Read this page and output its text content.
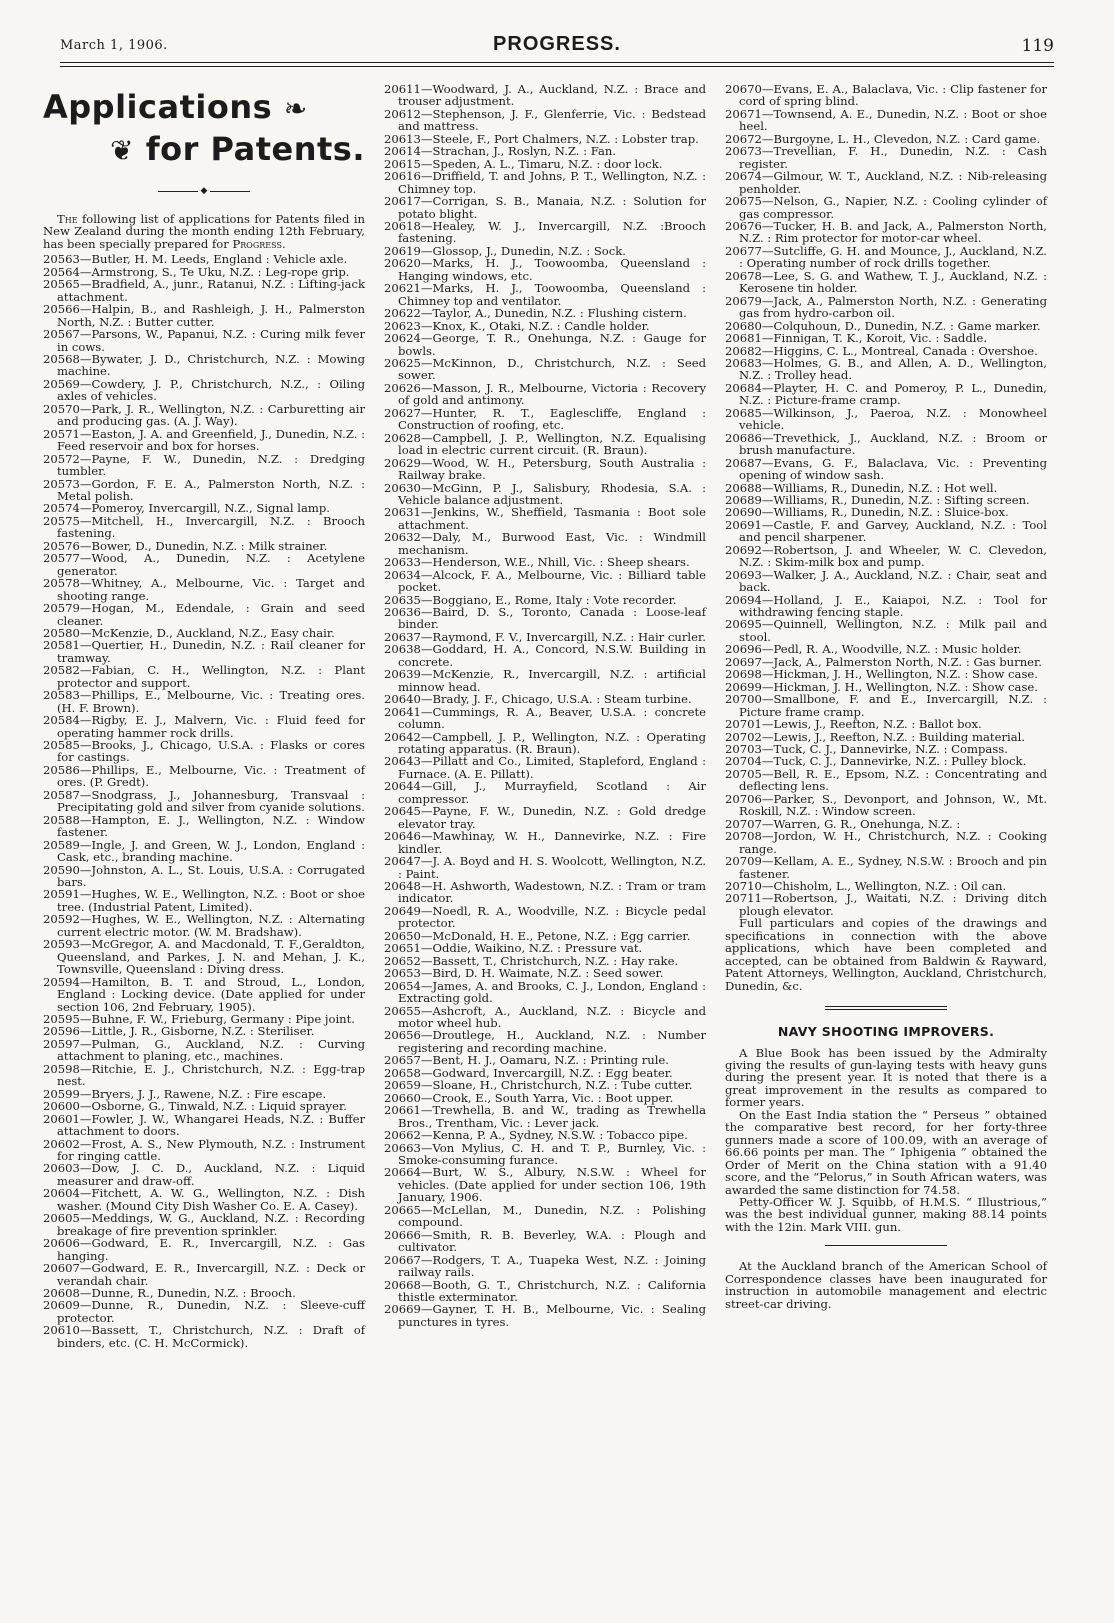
March 1, 1906.	PROGRESS.	119
Applications ❧
❦ for Patents.
◆

The following list of applications for Patents filed in New Zealand during the month ending 12th February, has been specially prepared for Progress.

20563—Butler, H. M. Leeds, England : Vehicle axle.

20564—Armstrong, S., Te Uku, N.Z. : Leg-rope grip.

20565—Bradfield, A., junr., Ratanui, N.Z. : Lifting-jack attachment.

20566—Halpin, B., and Rashleigh, J. H., Palmerston North, N.Z. : Butter cutter.

20567—Parsons, W., Papanui, N.Z. : Curing milk fever in cows.

20568—Bywater, J. D., Christchurch, N.Z. : Mowing machine.

20569—Cowdery, J. P., Christchurch, N.Z., : Oiling axles of vehicles.

20570—Park, J. R., Wellington, N.Z. : Carburetting air and producing gas. (A. J. Way).

20571—Easton, J. A. and Greenfield, J., Dunedin, N.Z. : Feed reservoir and box for horses.

20572—Payne, F. W., Dunedin, N.Z. : Dredging tumbler.

20573—Gordon, F. E. A., Palmerston North, N.Z. : Metal polish.

20574—Pomeroy, Invercargill, N.Z., Signal lamp.

20575—Mitchell, H., Invercargill, N.Z. : Brooch fastening.

20576—Bower, D., Dunedin, N.Z. : Milk strainer.

20577—Wood, A., Dunedin, N.Z. : Acetylene generator.

20578—Whitney, A., Melbourne, Vic. : Target and shooting range.

20579—Hogan, M., Edendale, : Grain and seed cleaner.

20580—McKenzie, D., Auckland, N.Z., Easy chair.

20581—Quertier, H., Dunedin, N.Z. : Rail cleaner for tramway.

20582—Fabian, C. H., Wellington, N.Z. : Plant protector and support.

20583—Phillips, E., Melbourne, Vic. : Treating ores. (H. F. Brown).

20584—Rigby, E. J., Malvern, Vic. : Fluid feed for operating hammer rock drills.

20585—Brooks, J., Chicago, U.S.A. : Flasks or cores for castings.

20586—Phillips, E., Melbourne, Vic. : Treatment of ores. (P. Gredt).

20587—Snodgrass, J., Johannesburg, Transvaal : Precipitating gold and silver from cyanide solutions.

20588—Hampton, E. J., Wellington, N.Z. : Window fastener.

20589—Ingle, J. and Green, W. J., London, England : Cask, etc., branding machine.

20590—Johnston, A. L., St. Louis, U.S.A. : Corrugated bars.

20591—Hughes, W. E., Wellington, N.Z. : Boot or shoe tree. (Industrial Patent, Limited).

20592—Hughes, W. E., Wellington, N.Z. : Alternating current electric motor. (W. M. Bradshaw).

20593—McGregor, A. and Macdonald, T. F.,Geraldton, Queensland, and Parkes, J. N. and Mehan, J. K., Townsville, Queensland : Diving dress.

20594—Hamilton, B. T. and Stroud, L., London, England : Locking device. (Date applied for under section 106, 2nd February, 1905).

20595—Buhne, F. W., Frieburg, Germany : Pipe joint.

20596—Little, J. R., Gisborne, N.Z. : Steriliser.

20597—Pulman, G., Auckland, N.Z. : Curving attachment to planing, etc., machines.

20598—Ritchie, E. J., Christchurch, N.Z. : Egg-trap nest.

20599—Bryers, J. J., Rawene, N.Z. : Fire escape.

20600—Osborne, G., Tinwald, N.Z. : Liquid sprayer.

20601—Fowler, J. W., Whangarei Heads, N.Z. : Buffer attachment to doors.

20602—Frost, A. S., New Plymouth, N.Z. : Instrument for ringing cattle.

20603—Dow, J. C. D., Auckland, N.Z. : Liquid measurer and draw-off.

20604—Fitchett, A. W. G., Wellington, N.Z. : Dish washer. (Mound City Dish Washer Co. E. A. Casey).

20605—Meddings, W. G., Auckland, N.Z. : Recording breakage of fire prevention sprinkler.

20606—Godward, E. R., Invercargill, N.Z. : Gas hanging.

20607—Godward, E. R., Invercargill, N.Z. : Deck or verandah chair.

20608—Dunne, R., Dunedin, N.Z. : Brooch.

20609—Dunne, R., Dunedin, N.Z. : Sleeve-cuff protector.

20610—Bassett, T., Christchurch, N.Z. : Draft of binders, etc. (C. H. McCormick).

20611—Woodward, J. A., Auckland, N.Z. : Brace and trouser adjustment.

20612—Stephenson, J. F., Glenferrie, Vic. : Bedstead and mattress.

20613—Steele, F., Port Chalmers, N.Z. : Lobster trap.

20614—Strachan, J., Roslyn, N.Z. : Fan.

20615—Speden, A. L., Timaru, N.Z. : door lock.

20616—Driffield, T. and Johns, P. T., Wellington, N.Z. : Chimney top.

20617—Corrigan, S. B., Manaia, N.Z. : Solution for potato blight.

20618—Healey, W. J., Invercargill, N.Z. :Brooch fastening.

20619—Glossop, J., Dunedin, N.Z. : Sock.

20620—Marks, H. J., Toowoomba, Queensland : Hanging windows, etc.

20621—Marks, H. J., Toowoomba, Queensland : Chimney top and ventilator.

20622—Taylor, A., Dunedin, N.Z. : Flushing cistern.

20623—Knox, K., Otaki, N.Z. : Candle holder.

20624—George, T. R., Onehunga, N.Z. : Gauge for bowls.

20625—McKinnon, D., Christchurch, N.Z. : Seed sower.

20626—Masson, J. R., Melbourne, Victoria : Recovery of gold and antimony.

20627—Hunter, R. T., Eaglescliffe, England : Construction of roofing, etc.

20628—Campbell, J. P., Wellington, N.Z. Equalising load in electric current circuit. (R. Braun).

20629—Wood, W. H., Petersburg, South Australia : Railway brake.

20630—McGinn, P. J., Salisbury, Rhodesia, S.A. : Vehicle balance adjustment.

20631—Jenkins, W., Sheffield, Tasmania : Boot sole attachment.

20632—Daly, M., Burwood East, Vic. : Windmill mechanism.

20633—Henderson, W.E., Nhill, Vic. : Sheep shears.

20634—Alcock, F. A., Melbourne, Vic. : Billiard table pocket.

20635—Boggiano, E., Rome, Italy : Vote recorder.

20636—Baird, D. S., Toronto, Canada : Loose-leaf binder.

20637—Raymond, F. V., Invercargill, N.Z. : Hair curler.

20638—Goddard, H. A., Concord, N.S.W. Building in concrete.

20639—McKenzie, R., Invercargill, N.Z. : artificial minnow head.

20640—Brady, J. F., Chicago, U.S.A. : Steam turbine.

20641—Cummings, R. A., Beaver, U.S.A. : concrete column.

20642—Campbell, J. P., Wellington, N.Z. : Operating rotating apparatus. (R. Braun).

20643—Pillatt and Co., Limited, Stapleford, England : Furnace. (A. E. Pillatt).

20644—Gill, J., Murrayfield, Scotland : Air compressor.

20645—Payne, F. W., Dunedin, N.Z. : Gold dredge elevator tray.

20646—Mawhinay, W. H., Dannevirke, N.Z. : Fire kindler.

20647—J. A. Boyd and H. S. Woolcott, Wellington, N.Z. : Paint.

20648—H. Ashworth, Wadestown, N.Z. : Tram or tram indicator.

20649—Noedl, R. A., Woodville, N.Z. : Bicycle pedal protector.

20650—McDonald, H. E., Petone, N.Z. : Egg carrier.

20651—Oddie, Waikino, N.Z. : Pressure vat.

20652—Bassett, T., Christchurch, N.Z. : Hay rake.

20653—Bird, D. H. Waimate, N.Z. : Seed sower.

20654—James, A. and Brooks, C. J., London, England : Extracting gold.

20655—Ashcroft, A., Auckland, N.Z. : Bicycle and motor wheel hub.

20656—Droutlege, H., Auckland, N.Z. : Number registering and recording machine.

20657—Bent, H. J., Oamaru, N.Z. : Printing rule.

20658—Godward, Invercargill, N.Z. : Egg beater.

20659—Sloane, H., Christchurch, N.Z. : Tube cutter.

20660—Crook, E., South Yarra, Vic. : Boot upper.

20661—Trewhella, B. and W., trading as Trewhella Bros., Trentham, Vic. : Lever jack.

20662—Kenna, P. A., Sydney, N.S.W. : Tobacco pipe.

20663—Von Mylius, C. H. and T. P., Burnley, Vic. : Smoke-consuming furance.

20664—Burt, W. S., Albury, N.S.W. : Wheel for vehicles. (Date applied for under section 106, 19th January, 1906.

20665—McLellan, M., Dunedin, N.Z. : Polishing compound.

20666—Smith, R. B. Beverley, W.A. : Plough and cultivator.

20667—Rodgers, T. A., Tuapeka West, N.Z. : Joining railway rails.

20668—Booth, G. T., Christchurch, N.Z. : California thistle exterminator.

20669—Gayner, T. H. B., Melbourne, Vic. : Sealing punctures in tyres.

20670—Evans, E. A., Balaclava, Vic. : Clip fastener for cord of spring blind.

20671—Townsend, A. E., Dunedin, N.Z. : Boot or shoe heel.

20672—Burgoyne, L. H., Clevedon, N.Z. : Card game.

20673—Trevellian, F. H., Dunedin, N.Z. : Cash register.

20674—Gilmour, W. T., Auckland, N.Z. : Nib-releasing penholder.

20675—Nelson, G., Napier, N.Z. : Cooling cylinder of gas compressor.

20676—Tucker, H. B. and Jack, A., Palmerston North, N.Z. : Rim protector for motor-car wheel.

20677—Sutcliffe, G. H. and Mounce, J., Auckland, N.Z. : Operating number of rock drills together.

20678—Lee, S. G. and Wathew, T. J., Auckland, N.Z. : Kerosene tin holder.

20679—Jack, A., Palmerston North, N.Z. : Generating gas from hydro-carbon oil.

20680—Colquhoun, D., Dunedin, N.Z. : Game marker.

20681—Finnigan, T. K., Koroit, Vic. : Saddle.

20682—Higgins, C. L., Montreal, Canada : Overshoe.

20683—Holmes, G. B., and Allen, A. D., Wellington, N.Z. : Trolley head.

20684—Playter, H. C. and Pomeroy, P. L., Dunedin, N.Z. : Picture-frame cramp.

20685—Wilkinson, J., Paeroa, N.Z. : Monowheel vehicle.

20686—Trevethick, J., Auckland, N.Z. : Broom or brush manufacture.

20687—Evans, G. F., Balaclava, Vic. : Preventing opening of window sash.

20688—Williams, R., Dunedin, N.Z. : Hot well.

20689—Williams, R., Dunedin, N.Z. : Sifting screen.

20690—Williams, R., Dunedin, N.Z. : Sluice-box.

20691—Castle, F. and Garvey, Auckland, N.Z. : Tool and pencil sharpener.

20692—Robertson, J. and Wheeler, W. C. Clevedon, N.Z. : Skim-milk box and pump.

20693—Walker, J. A., Auckland, N.Z. : Chair, seat and back.

20694—Holland, J. E., Kaiapoi, N.Z. : Tool for withdrawing fencing staple.

20695—Quinnell, Wellington, N.Z. : Milk pail and stool.

20696—Pedl, R. A., Woodville, N.Z. : Music holder.

20697—Jack, A., Palmerston North, N.Z. : Gas burner.

20698—Hickman, J. H., Wellington, N.Z. : Show case.

20699—Hickman, J. H., Wellington, N.Z. : Show case.

20700—Smallbone, F. and E., Invercargill, N.Z. : Picture frame cramp.

20701—Lewis, J., Reefton, N.Z. : Ballot box.

20702—Lewis, J., Reefton, N.Z. : Building material.

20703—Tuck, C. J., Dannevirke, N.Z. : Compass.

20704—Tuck, C. J., Dannevirke, N.Z. : Pulley block.

20705—Bell, R. E., Epsom, N.Z. : Concentrating and deflecting lens.

20706—Parker, S., Devonport, and Johnson, W., Mt. Roskill, N.Z. : Window screen.

20707—Warren, G. R., Onehunga, N.Z. :

20708—Jordon, W. H., Christchurch, N.Z. : Cooking range.

20709—Kellam, A. E., Sydney, N.S.W. : Brooch and pin fastener.

20710—Chisholm, L., Wellington, N.Z. : Oil can.

20711—Robertson, J., Waitati, N.Z. : Driving ditch plough elevator.

Full particulars and copies of the drawings and specifications in connection with the above applications, which have been completed and accepted, can be obtained from Baldwin & Rayward, Patent Attorneys, Wellington, Auckland, Christchurch, Dunedin, &c.

NAVY SHOOTING IMPROVERS.

A Blue Book has been issued by the Admiralty giving the results of gun-laying tests with heavy guns during the present year. It is noted that there is a great improvement in the results as compared to former years.

On the East India station the “ Perseus ” obtained the comparative best record, for her forty-three gunners made a score of 100.09, with an average of 66.66 points per man. The “ Iphigenia ” obtained the Order of Merit on the China station with a 91.40 score, and the “Pelorus,” in South African waters, was awarded the same distinction for 74.58.

Petty-Officer W. J. Squibb, of H.M.S. “ Illustrious,” was the best individual gunner, making 88.14 points with the 12in. Mark VIII. gun.

At the Auckland branch of the American School of Correspondence classes have been inaugurated for instruction in automobile management and electric street-car driving.
